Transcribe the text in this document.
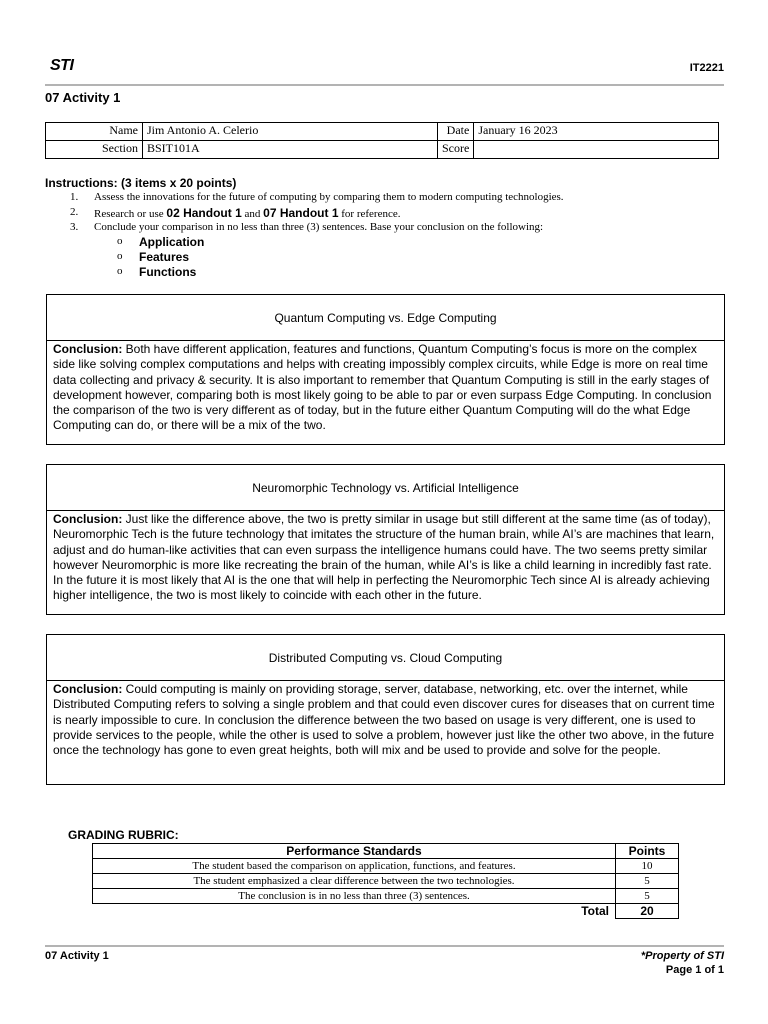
STI	IT2221
07 Activity 1
Name	Jim Antonio A. Celerio	Date	January 16 2023
Section	BSIT101A	Score	
Instructions: (3 items x 20 points)
1.	Assess the innovations for the future of computing by comparing them to modern computing technologies.
2.	Research or use 02 Handout 1 and 07 Handout 1 for reference.
3.	Conclude your comparison in no less than three (3) sentences. Base your conclusion on the following:
o	Application
o	Features
o	Functions
Quantum Computing vs. Edge Computing
Conclusion: Both have different application, features and functions, Quantum Computing’s focus is more on the complex side like solving complex computations and helps with creating impossibly complex circuits, while Edge is more on real time data collecting and privacy & security. It is also important to remember that Quantum Computing is still in the early stages of development however, comparing both is most likely going to be able to par or even surpass Edge Computing. In conclusion the comparison of the two is very different as of today, but in the future either Quantum Computing will do the what Edge Computing can do, or there will be a mix of the two.
Neuromorphic Technology vs. Artificial Intelligence
Conclusion: Just like the difference above, the two is pretty similar in usage but still different at the same time (as of today), Neuromorphic Tech is the future technology that imitates the structure of the human brain, while AI’s are machines that learn, adjust and do human-like activities that can even surpass the intelligence humans could have. The two seems pretty similar however Neuromorphic is more like recreating the brain of the human, while AI’s is like a child learning in incredibly fast rate. In the future it is most likely that AI is the one that will help in perfecting the Neuromorphic Tech since AI is already achieving higher intelligence, the two is most likely to coincide with each other in the future.
Distributed Computing vs. Cloud Computing
Conclusion: Could computing is mainly on providing storage, server, database, networking, etc. over the internet, while Distributed Computing refers to solving a single problem and that could even discover cures for diseases that on current time is nearly impossible to cure. In conclusion the difference between the two based on usage is very different, one is used to provide services to the people, while the other is used to solve a problem, however just like the other two above, in the future once the technology has gone to even great heights, both will mix and be used to provide and solve for the people.
GRADING RUBRIC:
Performance Standards	Points
The student based the comparison on application, functions, and features.	10
The student emphasized a clear difference between the two technologies.	5
The conclusion is in no less than three (3) sentences.	5
Total	20
07 Activity 1	*Property of STI
Page 1 of 1
